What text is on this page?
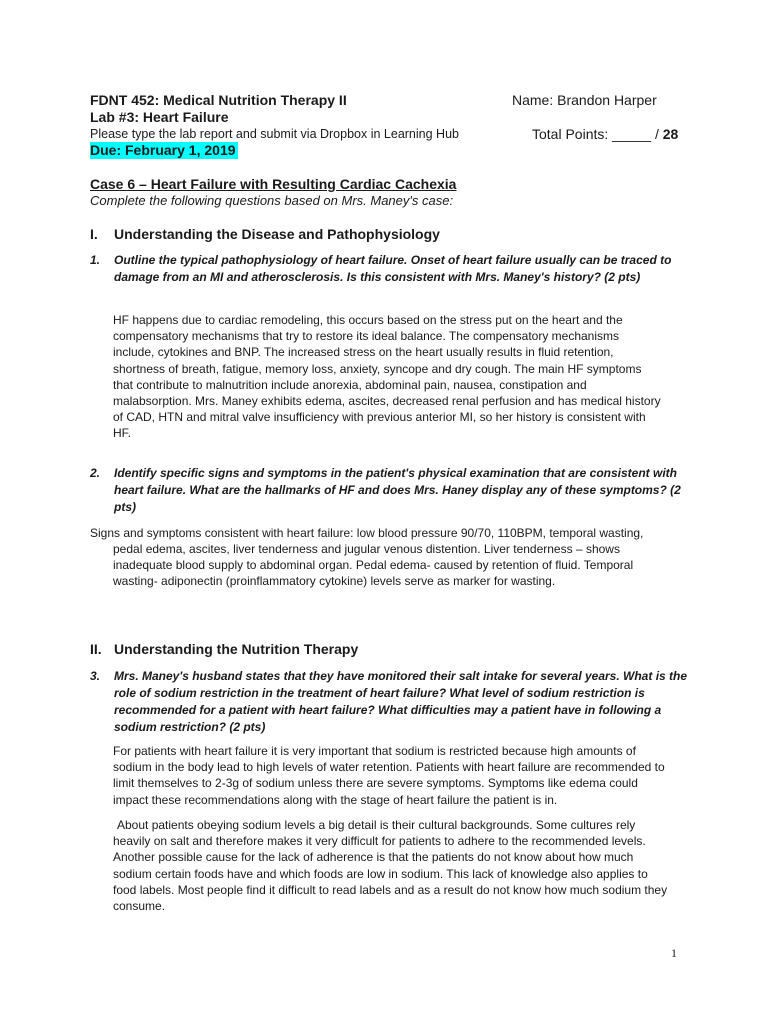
FDNT 452: Medical Nutrition Therapy II	Name: Brandon Harper
Lab #3: Heart Failure
Please type the lab report and submit via Dropbox in Learning Hub	Total Points: _____ / 28
Due: February 1, 2019
Case 6 – Heart Failure with Resulting Cardiac Cachexia
Complete the following questions based on Mrs. Maney's case:
I. Understanding the Disease and Pathophysiology
1. Outline the typical pathophysiology of heart failure. Onset of heart failure usually can be traced to damage from an MI and atherosclerosis. Is this consistent with Mrs. Maney's history? (2 pts)
HF happens due to cardiac remodeling, this occurs based on the stress put on the heart and the compensatory mechanisms that try to restore its ideal balance. The compensatory mechanisms include, cytokines and BNP. The increased stress on the heart usually results in fluid retention, shortness of breath, fatigue, memory loss, anxiety, syncope and dry cough. The main HF symptoms that contribute to malnutrition include anorexia, abdominal pain, nausea, constipation and malabsorption. Mrs. Maney exhibits edema, ascites, decreased renal perfusion and has medical history of CAD, HTN and mitral valve insufficiency with previous anterior MI, so her history is consistent with HF.
2. Identify specific signs and symptoms in the patient's physical examination that are consistent with heart failure. What are the hallmarks of HF and does Mrs. Haney display any of these symptoms? (2 pts)
Signs and symptoms consistent with heart failure: low blood pressure 90/70, 110BPM, temporal wasting,
pedal edema, ascites, liver tenderness and jugular venous distention. Liver tenderness – shows inadequate blood supply to abdominal organ. Pedal edema- caused by retention of fluid. Temporal wasting- adiponectin (proinflammatory cytokine) levels serve as marker for wasting.
II. Understanding the Nutrition Therapy
3. Mrs. Maney's husband states that they have monitored their salt intake for several years. What is the role of sodium restriction in the treatment of heart failure? What level of sodium restriction is recommended for a patient with heart failure? What difficulties may a patient have in following a sodium restriction? (2 pts)
For patients with heart failure it is very important that sodium is restricted because high amounts of sodium in the body lead to high levels of water retention. Patients with heart failure are recommended to limit themselves to 2-3g of sodium unless there are severe symptoms. Symptoms like edema could impact these recommendations along with the stage of heart failure the patient is in.
About patients obeying sodium levels a big detail is their cultural backgrounds. Some cultures rely heavily on salt and therefore makes it very difficult for patients to adhere to the recommended levels. Another possible cause for the lack of adherence is that the patients do not know about how much sodium certain foods have and which foods are low in sodium. This lack of knowledge also applies to food labels. Most people find it difficult to read labels and as a result do not know how much sodium they consume.
1
